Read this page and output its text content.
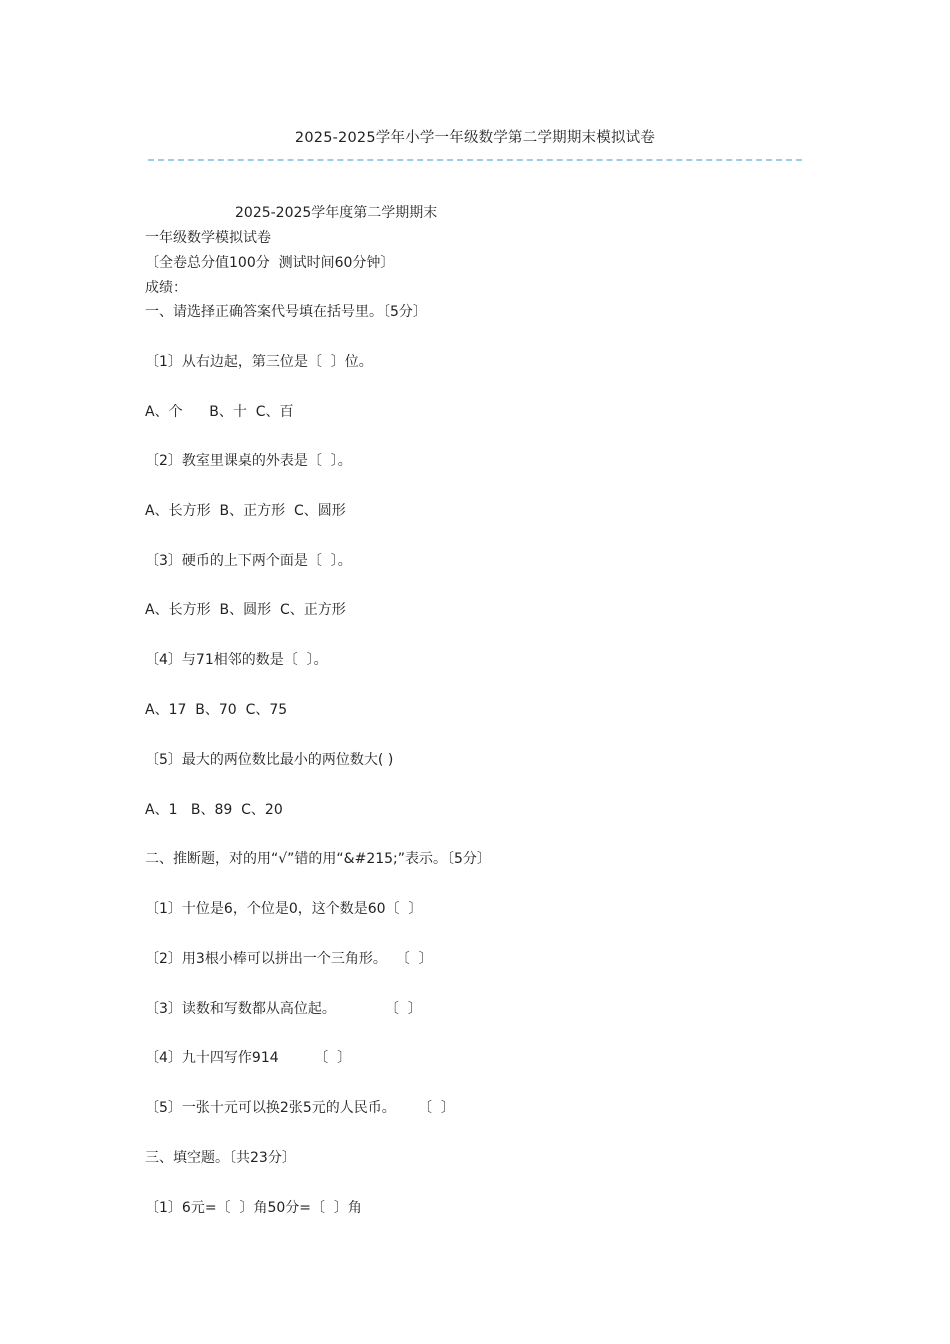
2025-2025学年小学一年级数学第二学期期末模拟试卷
2025-2025学年度第二学期期末
一年级数学模拟试卷
〔全卷总分值100分  测试时间60分钟〕
成绩：
一、请选择正确答案代号填在括号里。〔5分〕
〔1〕从右边起，第三位是〔  〕位。
A、个      B、十  C、百
〔2〕教室里课桌的外表是〔  〕。
A、长方形  B、正方形  C、圆形
〔3〕硬币的上下两个面是〔  〕。
A、长方形  B、圆形  C、正方形
〔4〕与71相邻的数是〔  〕。
A、17  B、70  C、75
〔5〕最大的两位数比最小的两位数大( )
A、1   B、89  C、20
二、推断题，对的用“√”错的用“&#215;”表示。〔5分〕
〔1〕十位是6，个位是0，这个数是60〔  〕
〔2〕用3根小棒可以拼出一个三角形。  〔  〕
〔3〕读数和写数都从高位起。           〔  〕
〔4〕九十四写作914        〔  〕
〔5〕一张十元可以换2张5元的人民币。     〔  〕
三、填空题。〔共23分〕
〔1〕6元=〔  〕角50分=〔  〕角
